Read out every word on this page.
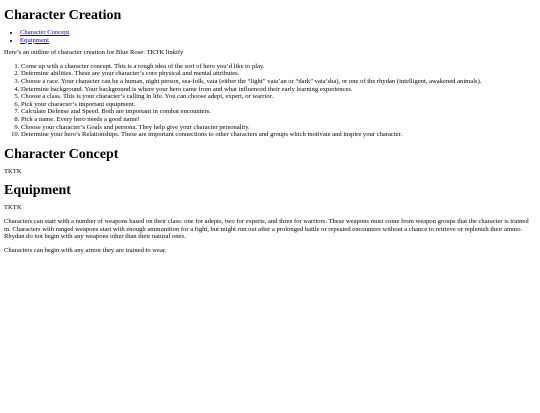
Character Creation
• Character Concept
• Equipment

Here’s an outline of character creation for Blue Rose: TKTK linkify

1. Come up with a character concept. This is a rough idea of the sort of hero you’d like to play.
2. Determine abilities. These are your character’s core physical and mental attributes.
3. Choose a race. Your character can be a human, night person, sea-folk, vata (either the “light” vata’an or “dark” vata’sha), or one of the rhydan (intelligent, awakened animals).
4. Determine background. Your background is where your hero came from and what influenced their early learning experiences.
5. Choose a class. This is your character’s calling in life. You can choose adept, expert, or warrior.
6. Pick your character’s important equipment.
7. Calculate Defense and Speed. Both are important in combat encounters.
8. Pick a name. Every hero needs a good name!
9. Choose your character’s Goals and persona. They help give your character personality.
10. Determine your hero’s Relationships. These are important connections to other characters and groups which motivate and inspire your character.
Character Concept

TKTK

Equipment

TKTK

Characters can start with a number of weapons based on their class: one for adepts, two for experts, and three for warriors. These weapons must come from weapon groups that the character is trained in. Characters with ranged weapons start with enough ammunition for a fight, but might run out after a prolonged battle or repeated encounters without a chance to retrieve or replenish their ammo. Rhydan do not begin with any weapons other than their natural ones.

Characters can begin with any armor they are trained to wear.
